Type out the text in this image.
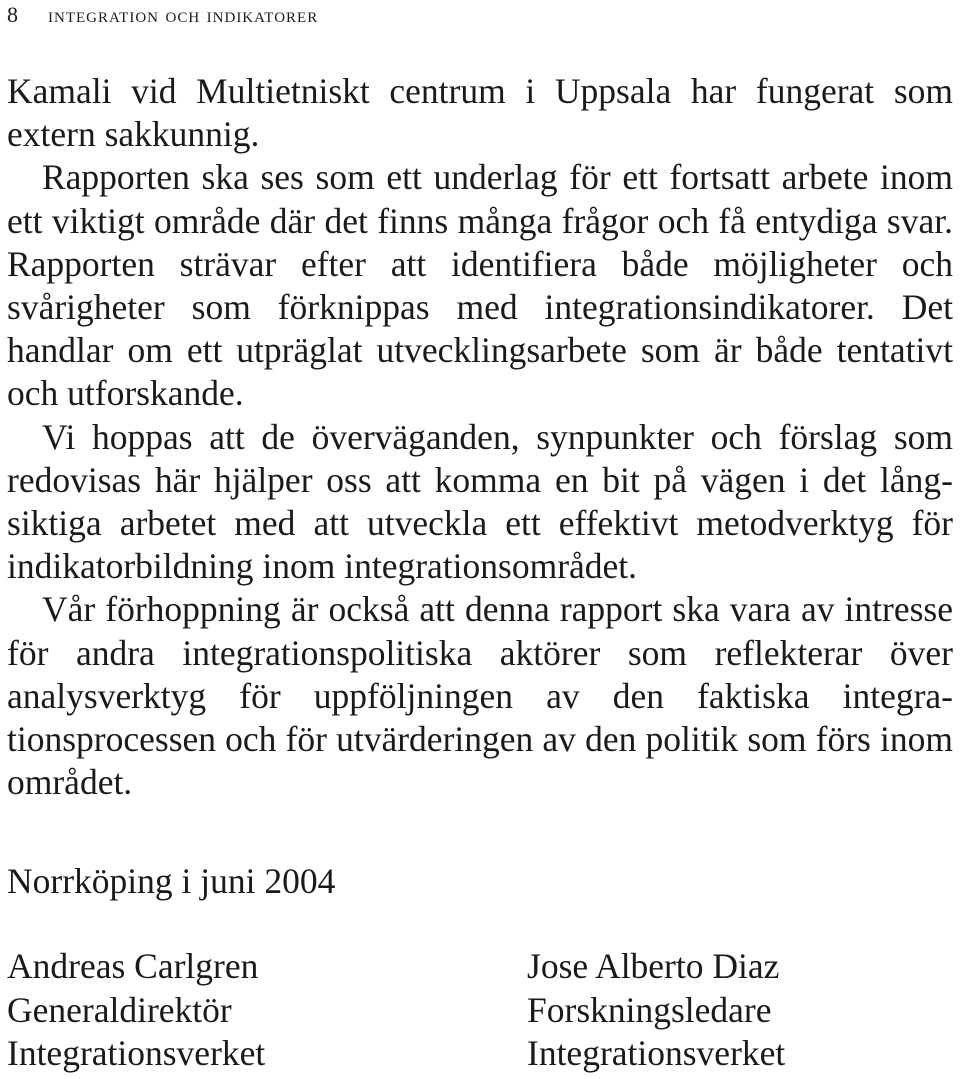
8 integration och indikatorer

Kamali vid Multietniskt centrum i Uppsala har fungerat som extern sakkunnig.

Rapporten ska ses som ett underlag för ett fortsatt arbete inom ett viktigt område där det finns många frågor och få entydiga svar. Rapporten strävar efter att identifiera både möjligheter och svårigheter som förknippas med integrationsindikatorer. Det handlar om ett utpräglat utvecklingsarbete som är både tentativt och utforskande.

Vi hoppas att de överväganden, synpunkter och förslag som redovisas här hjälper oss att komma en bit på vägen i det långsiktiga arbetet med att utveckla ett effektivt metodverktyg för indikatorbildning inom integrationsområdet.

Vår förhoppning är också att denna rapport ska vara av intresse för andra integrationspolitiska aktörer som reflekterar över analysverktyg för uppföljningen av den faktiska integrationsprocessen och för utvärderingen av den politik som förs inom området.

Norrköping i juni 2004

Andreas Carlgren
Generaldirektör
Integrationsverket
Jose Alberto Diaz
Forskningsledare
Integrationsverket
